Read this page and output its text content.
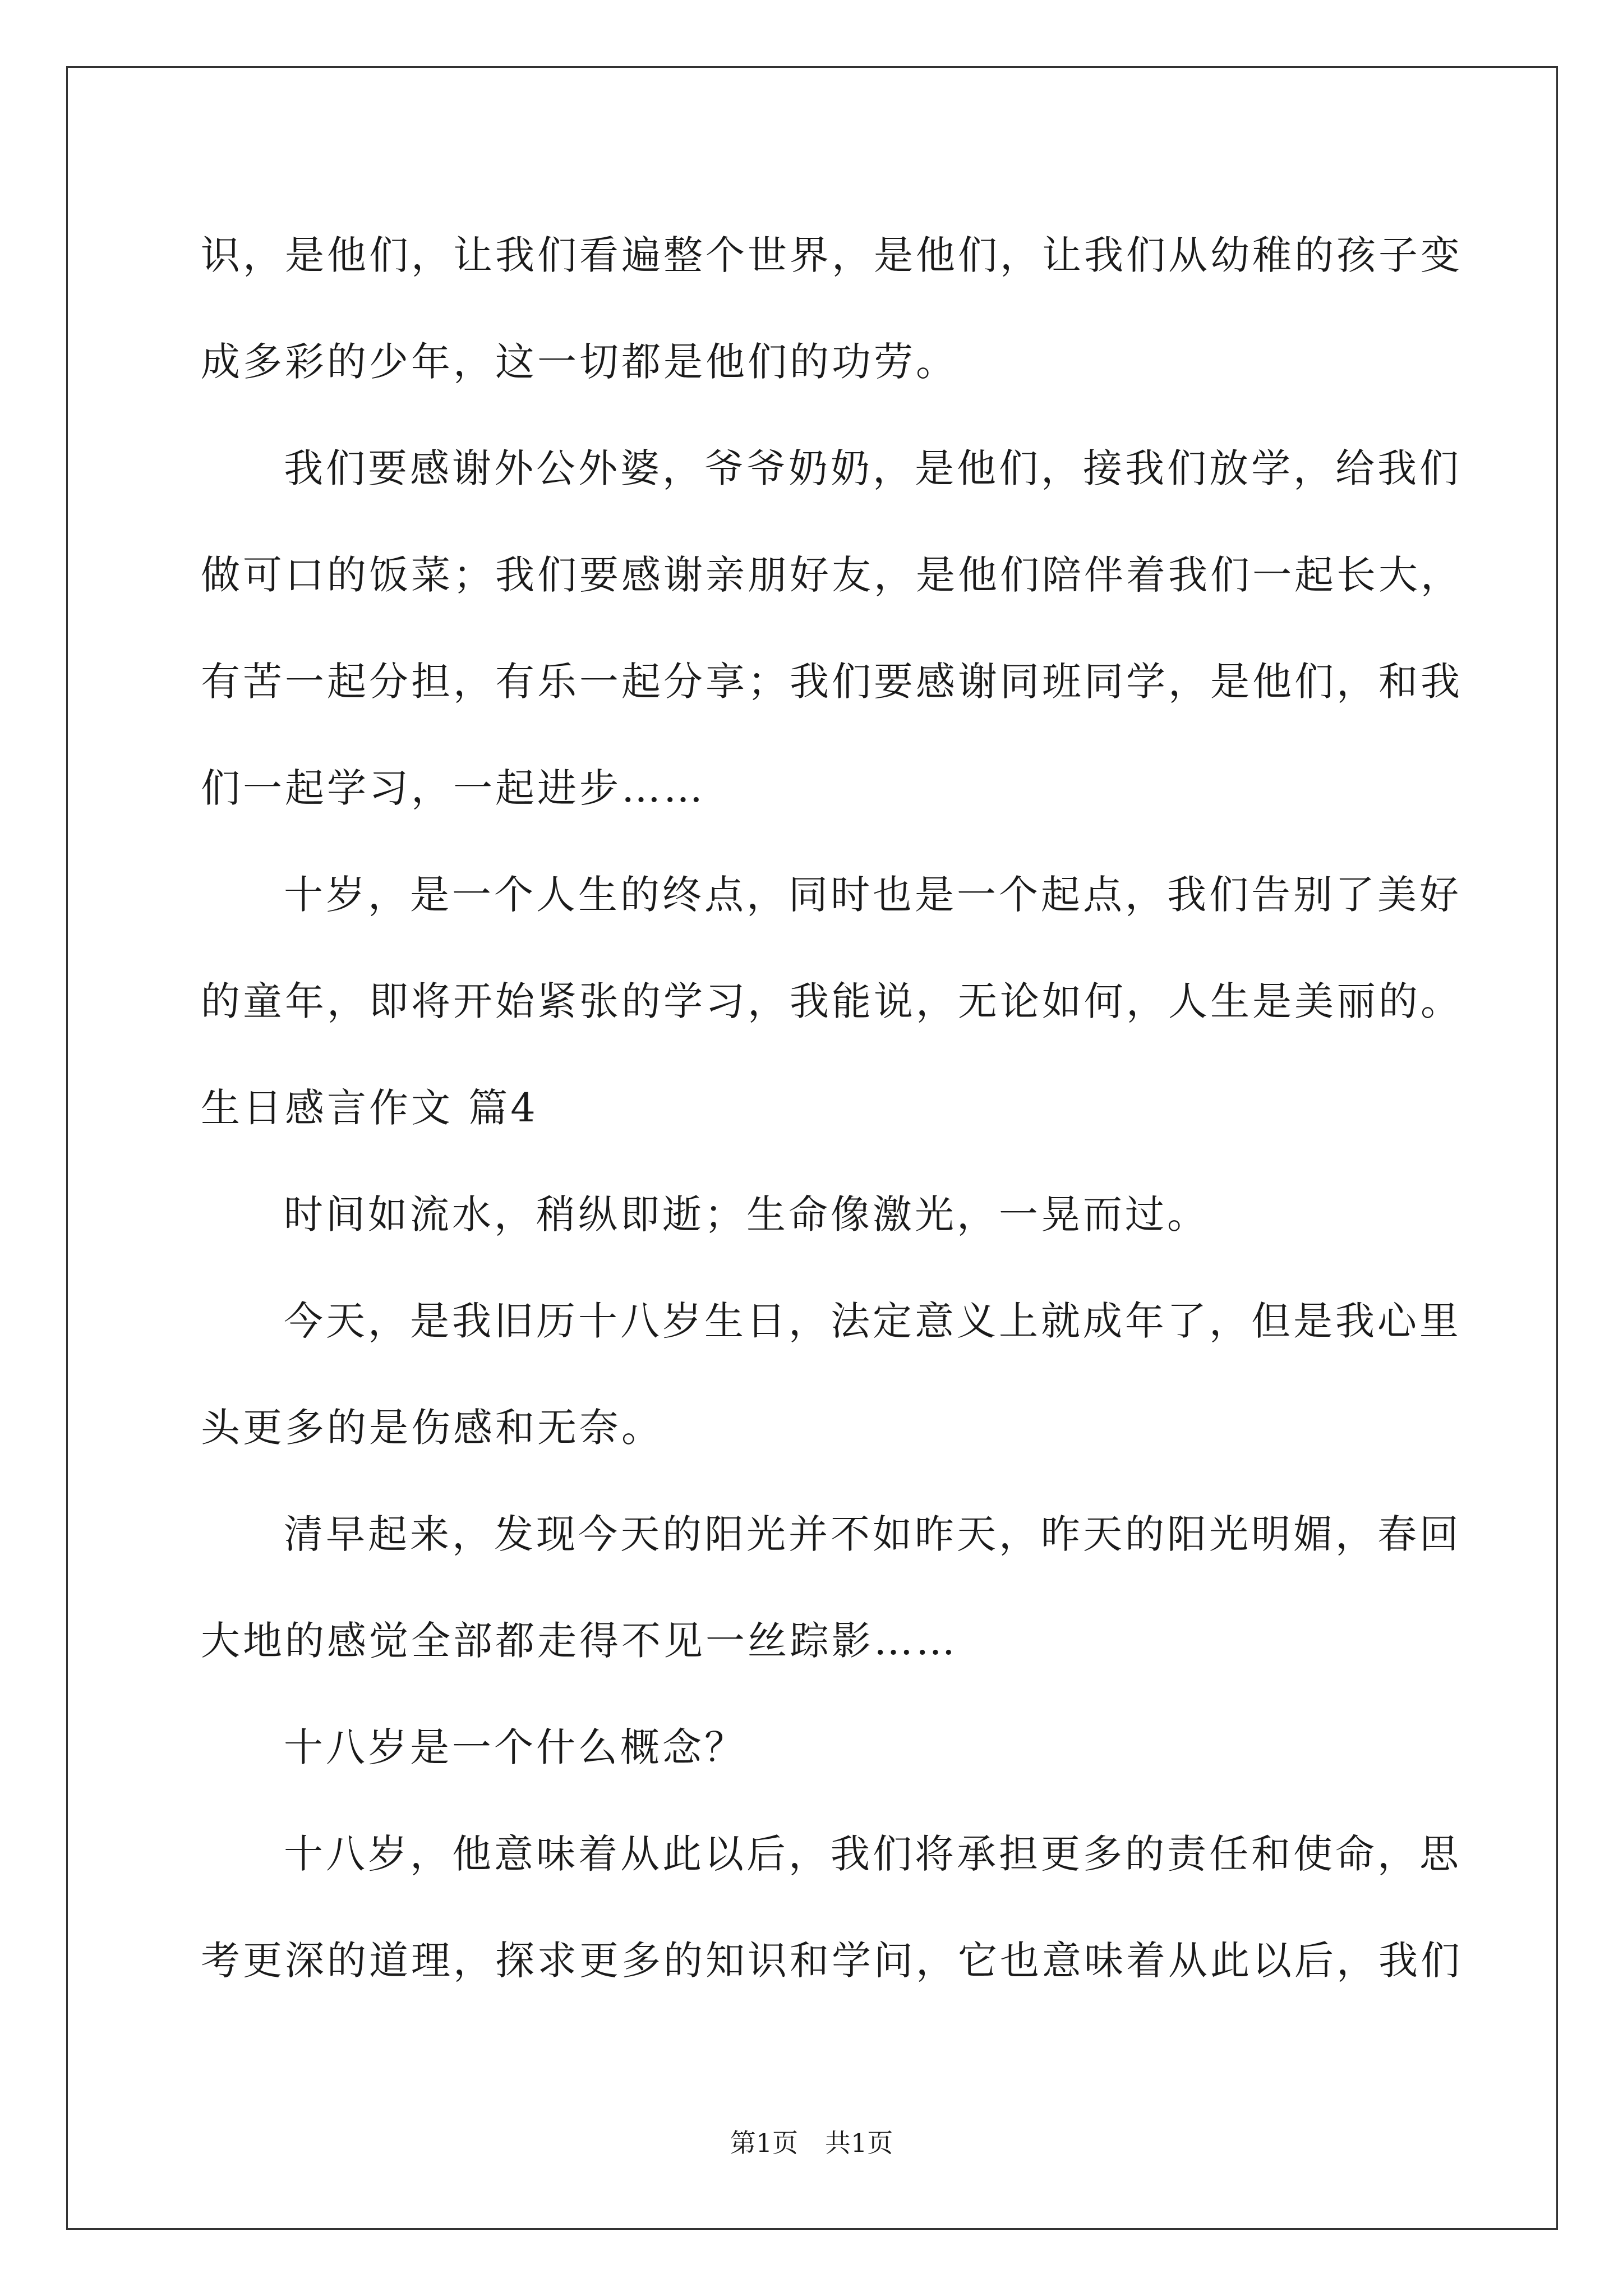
识，是他们，让我们看遍整个世界，是他们，让我们从幼稚的孩子变
成多彩的少年，这一切都是他们的功劳。
我们要感谢外公外婆，爷爷奶奶，是他们，接我们放学，给我们
做可口的饭菜；我们要感谢亲朋好友，是他们陪伴着我们一起长大，
有苦一起分担，有乐一起分享；我们要感谢同班同学，是他们，和我
们一起学习，一起进步……
十岁，是一个人生的终点，同时也是一个起点，我们告别了美好
的童年，即将开始紧张的学习，我能说，无论如何，人生是美丽的。
生日感言作文 篇4
时间如流水，稍纵即逝；生命像激光，一晃而过。
今天，是我旧历十八岁生日，法定意义上就成年了，但是我心里
头更多的是伤感和无奈。
清早起来，发现今天的阳光并不如昨天，昨天的阳光明媚，春回
大地的感觉全部都走得不见一丝踪影……
十八岁是一个什么概念？
十八岁，他意味着从此以后，我们将承担更多的责任和使命，思
考更深的道理，探求更多的知识和学问，它也意味着从此以后，我们
第1页 共1页
